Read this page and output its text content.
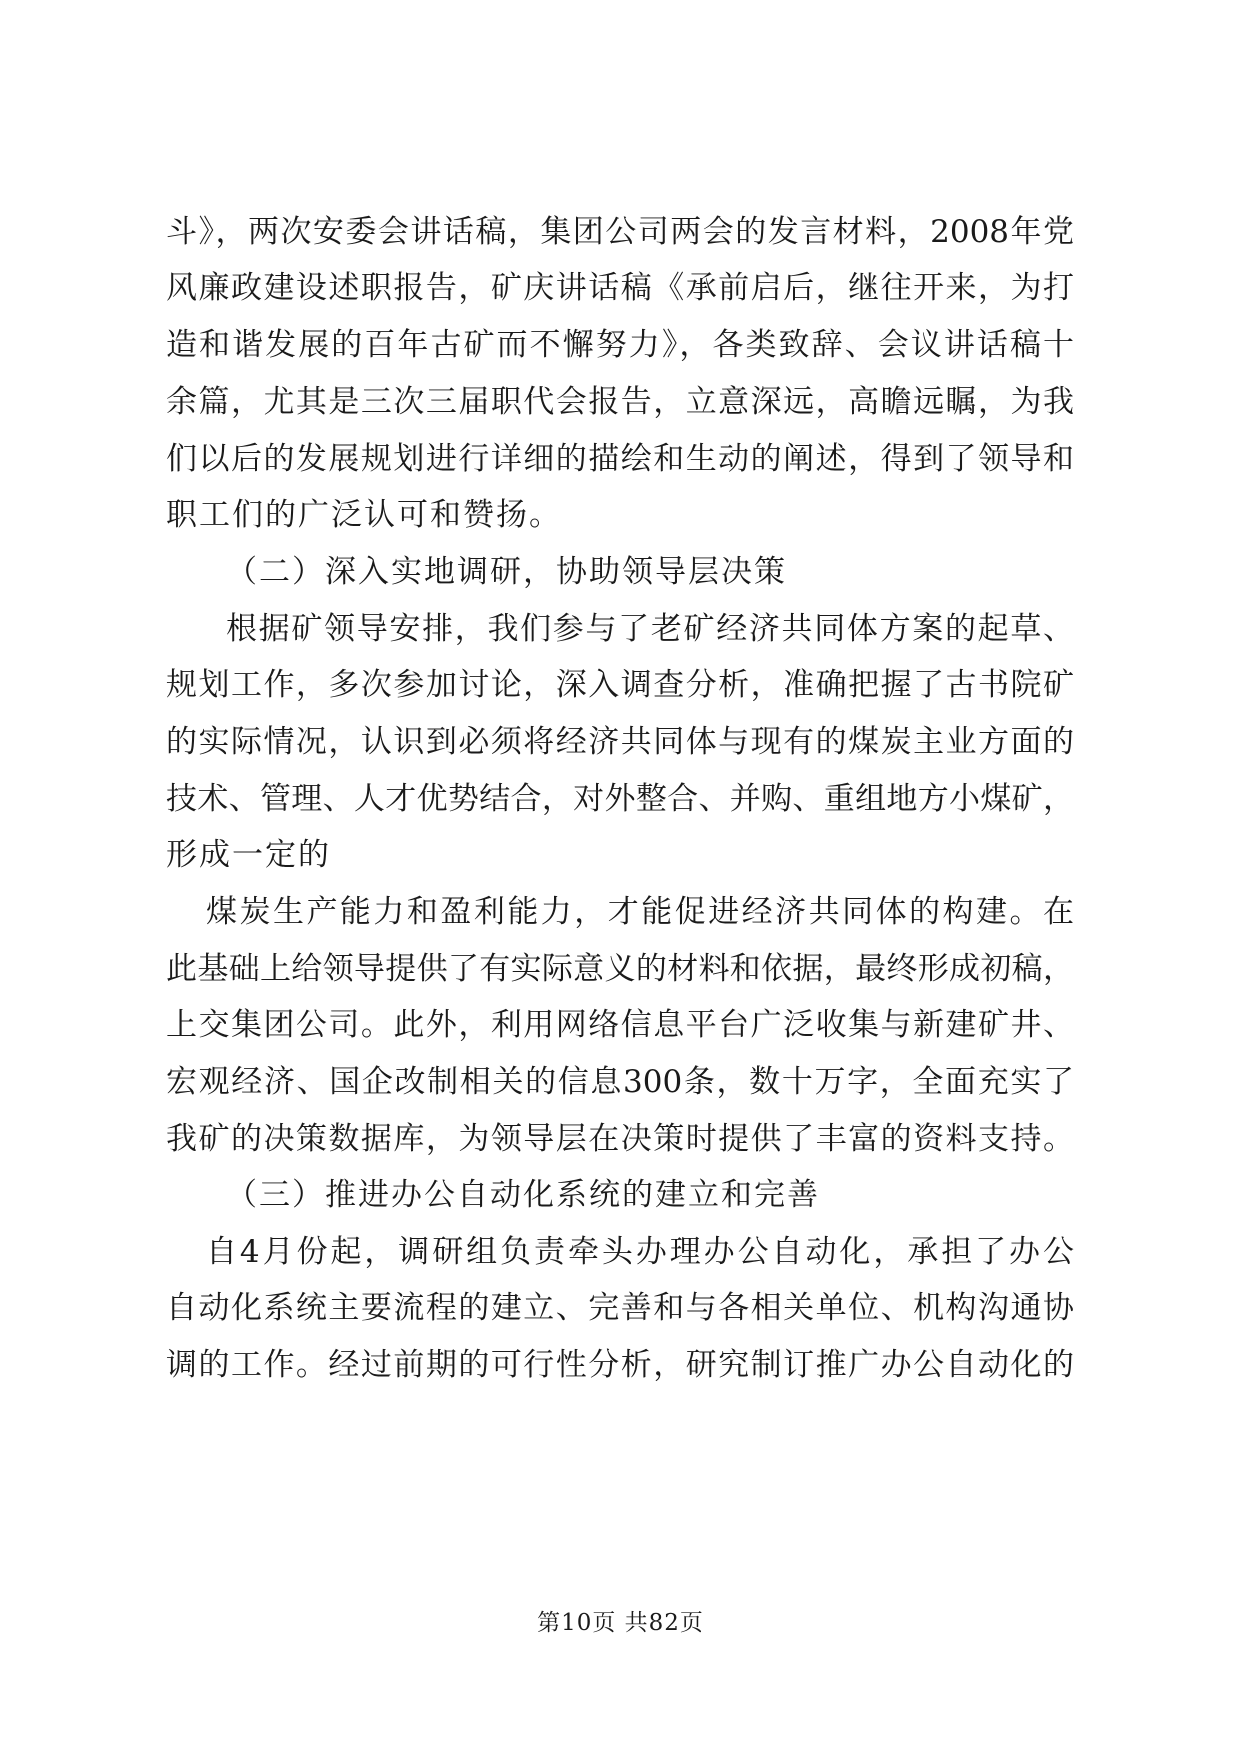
斗》，两次安委会讲话稿，集团公司两会的发言材料，2008年党
风廉政建设述职报告，矿庆讲话稿《承前启后，继往开来，为打
造和谐发展的百年古矿而不懈努力》，各类致辞、会议讲话稿十
余篇，尤其是三次三届职代会报告，立意深远，高瞻远瞩，为我
们以后的发展规划进行详细的描绘和生动的阐述，得到了领导和
职工们的广泛认可和赞扬。
（二）深入实地调研，协助领导层决策
根据矿领导安排，我们参与了老矿经济共同体方案的起草、
规划工作，多次参加讨论，深入调查分析，准确把握了古书院矿
的实际情况，认识到必须将经济共同体与现有的煤炭主业方面的
技术、管理、人才优势结合，对外整合、并购、重组地方小煤矿，
形成一定的
煤炭生产能力和盈利能力，才能促进经济共同体的构建。在
此基础上给领导提供了有实际意义的材料和依据，最终形成初稿，
上交集团公司。此外，利用网络信息平台广泛收集与新建矿井、
宏观经济、国企改制相关的信息300条，数十万字，全面充实了
我矿的决策数据库，为领导层在决策时提供了丰富的资料支持。
（三）推进办公自动化系统的建立和完善
自4月份起，调研组负责牵头办理办公自动化，承担了办公
自动化系统主要流程的建立、完善和与各相关单位、机构沟通协
调的工作。经过前期的可行性分析，研究制订推广办公自动化的
第10页 共82页
